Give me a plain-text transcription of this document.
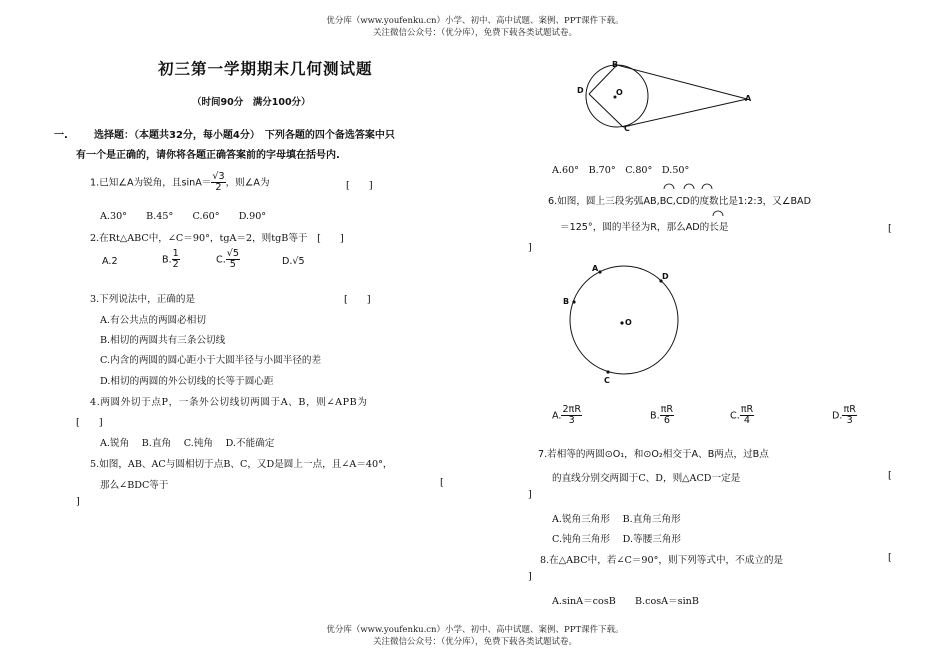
优分库（www.youfenku.cn）小学、初中、高中试题、案例、PPT课件下载。
关注微信公众号：（优分库），免费下载各类试题试卷。
初三第一学期期末几何测试题
（时间90分　满分100分）
一.	选择题：（本题共32分，每小题4分）　下列各题的四个备选答案中只
有一个是正确的，请你将各题正确答案前的字母填在括号内.
1.已知∠A为锐角，且$\sin A= \frac{√3}{2}$ ，则∠A为	[　　]
A.30°　　B.45°　　C.60°　　D.90°
2.在Rt△ABC中，∠C＝90°，tgA＝2，则tgB等于　[　　]
A.2	B. $\frac{1}{2}$	C. $\frac{√5}{5}$	D.√5
3.下列说法中，正确的是	[　　]
A.有公共点的两圆必相切
B.相切的两圆共有三条公切线
C.内含的两圆的圆心距小于大圆半径与小圆半径的差
D.相切的两圆的外公切线的长等于圆心距
4.两圆外切于点P，一条外公切线切两圆于A、B，则∠APB为
[　　]
A.锐角　 B.直角　 C.钝角　 D.不能确定
5.如图，AB、AC与圆相切于点B、C，又D是圆上一点，且∠A＝40°，
那么∠BDC等于	[
]
B
D	O
C
A
A.60°　B.70°　C.80°　D.50°
6.如图，圆上三段劣弧AB,BC,CD的度数比是1:2:3，又∠BAD
＝125°，圆的半径为R，那么AD的长是	[
]
A
D
B
O
C
A. $\frac{2\pi R}{3}$	B. $\frac{\pi R}{6}$	C. $\frac{\pi R}{4}$	D. $\frac{\pi R}{3}$
7.若相等的两圆⊙O₁，和⊙O₂相交于A、B两点，过B点
的直线分别交两圆于C、D，则△ACD一定是	[
]
A.锐角三角形　 B.直角三角形
C.钝角三角形　 D.等腰三角形
8.在△ABC中，若∠C＝90°，则下列等式中，不成立的是	[
]
A.sinA＝cosB　　B.cosA＝sinB
优分库（www.youfenku.cn）小学、初中、高中试题、案例、PPT课件下载。
关注微信公众号：（优分库），免费下载各类试题试卷。
